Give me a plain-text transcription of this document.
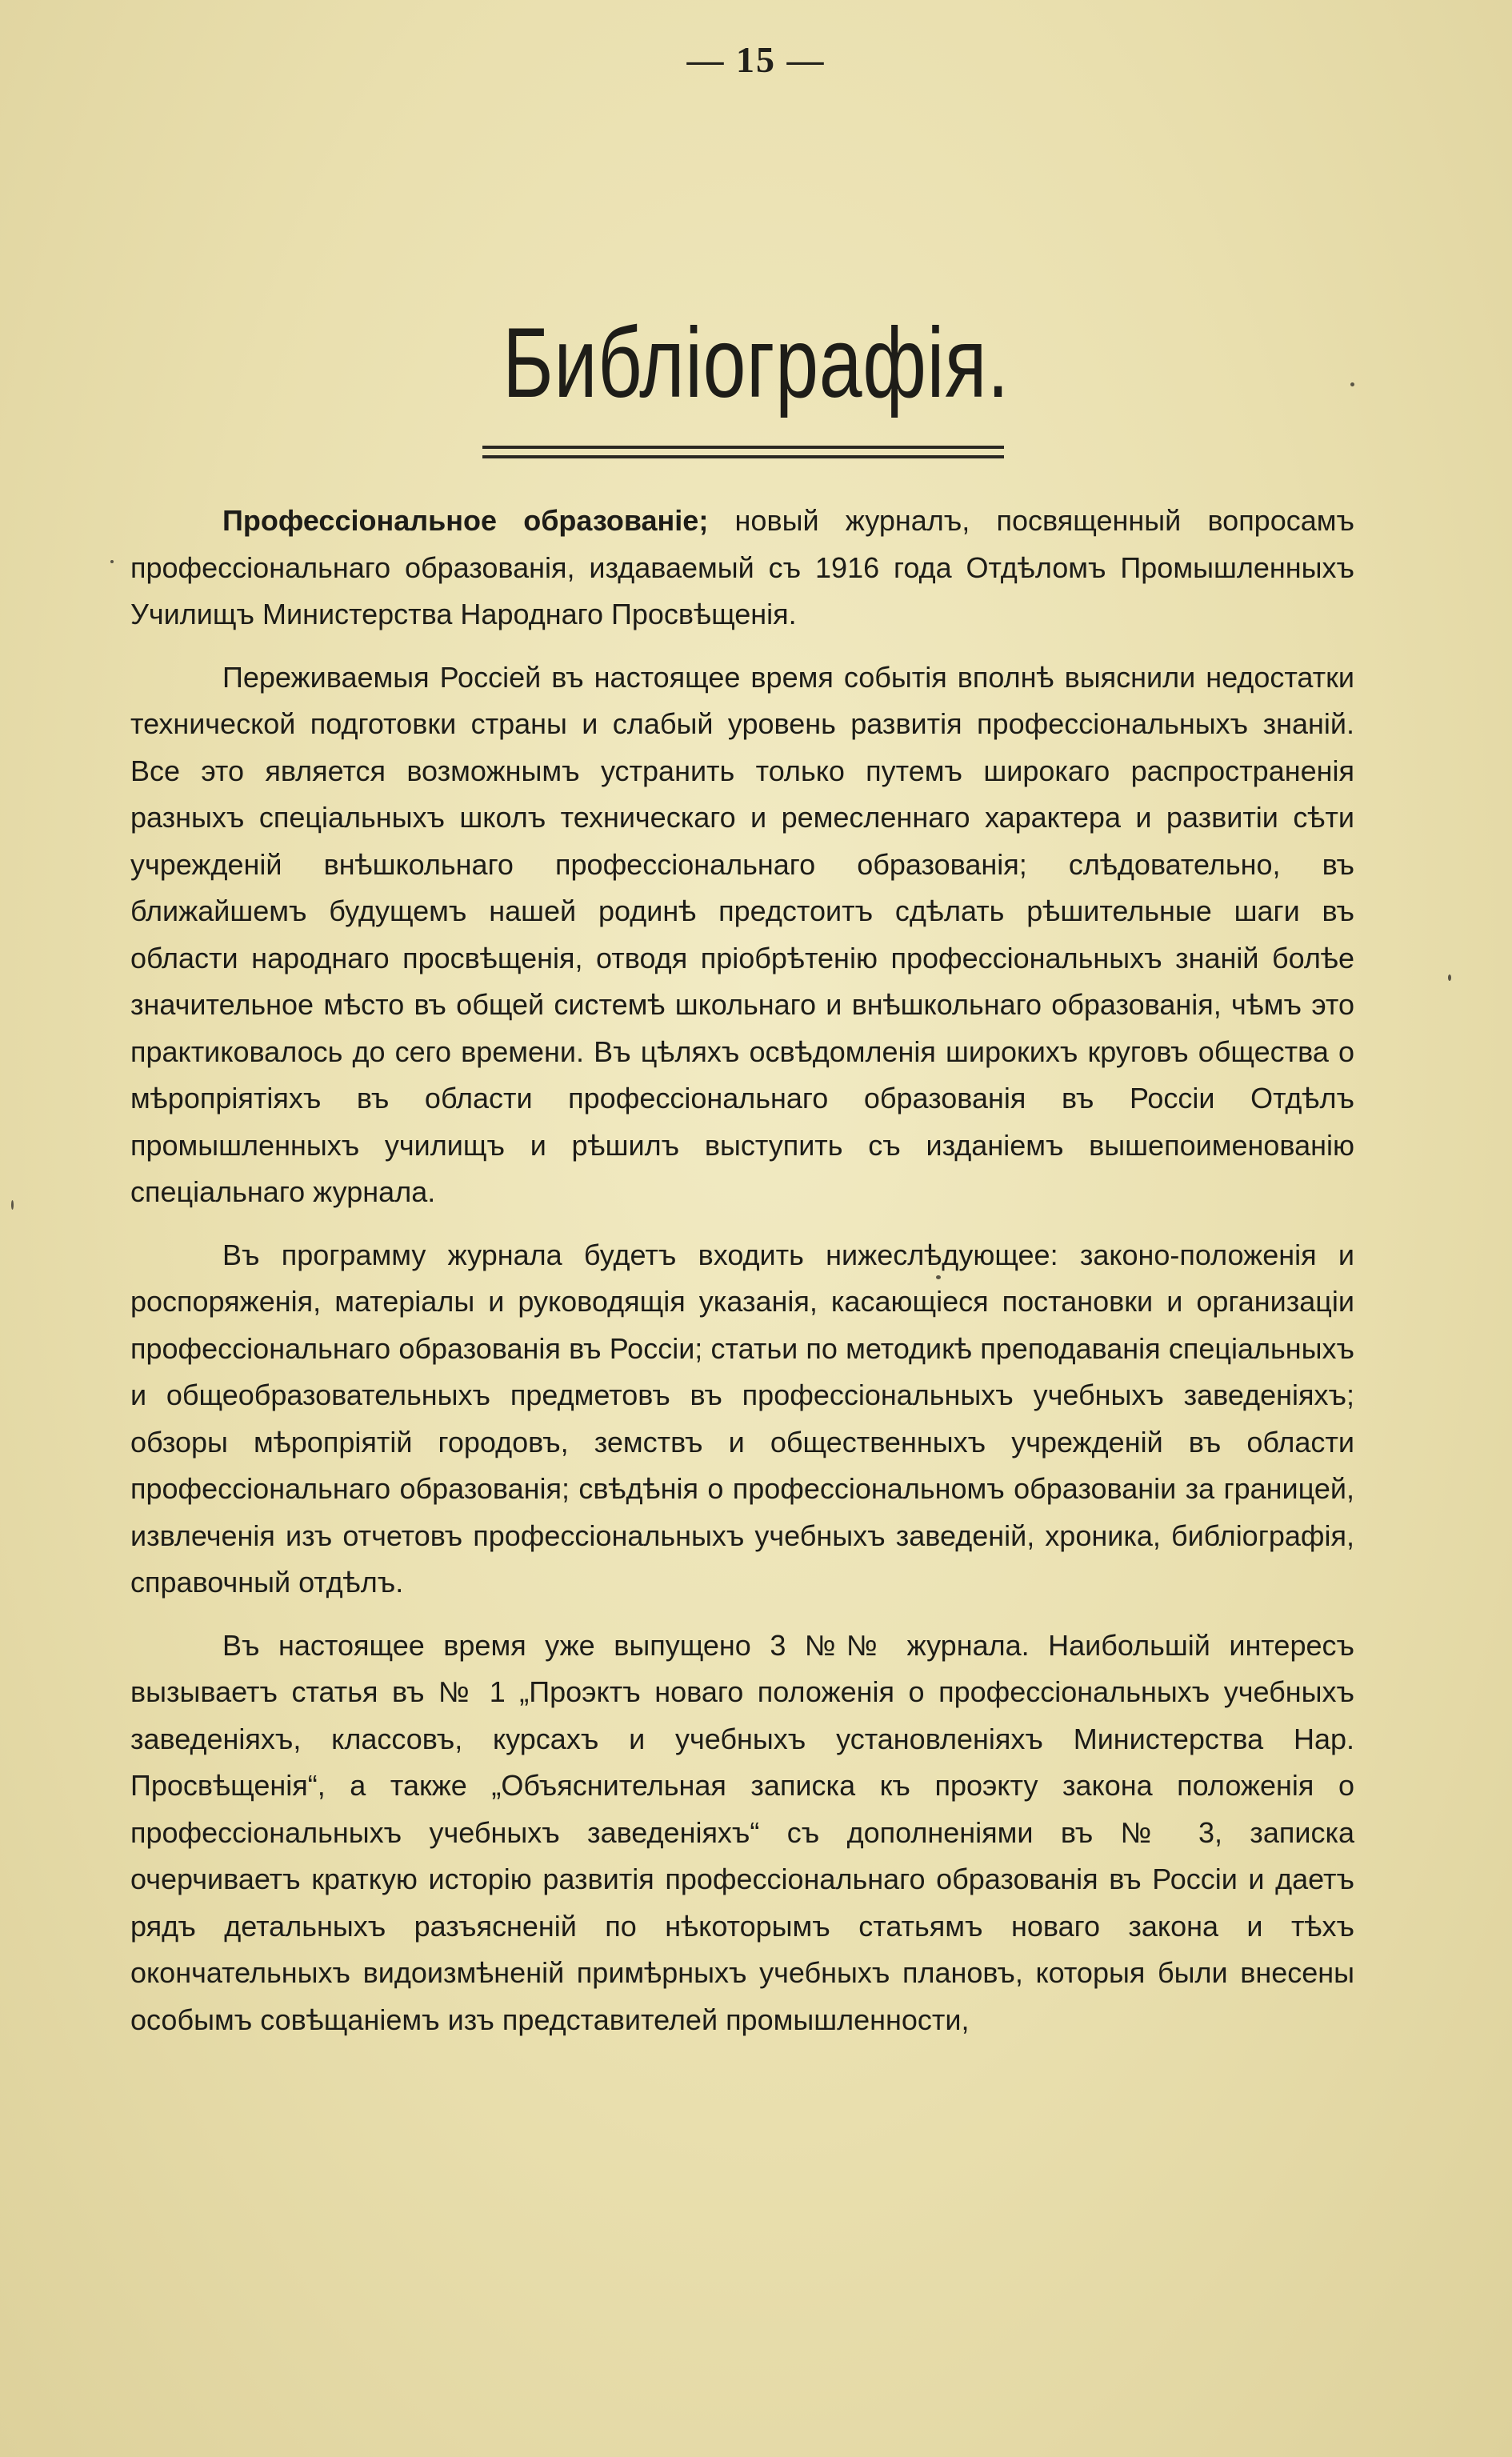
— 15 —
Библіографія.

Профессіональное образованіе; новый журналъ, посвященный вопросамъ профессіональнаго образованія, издаваемый съ 1916 года Отдѣломъ Промышленныхъ Училищъ Министерства Народнаго Просвѣщенія.

Переживаемыя Россіей въ настоящее время событія вполнѣ выяснили недостатки технической подготовки страны и слабый уровень развитія профессіональныхъ знаній. Все это является возможнымъ устранить только путемъ широкаго распространенія разныхъ спеціальныхъ школъ техническаго и ремесленнаго характера и развитіи сѣти учрежденій внѣшкольнаго профессіональнаго образованія; слѣдовательно, въ ближайшемъ будущемъ нашей родинѣ предстоитъ сдѣлать рѣшительные шаги въ области народнаго просвѣщенія, отводя пріобрѣтенію профессіональныхъ знаній болѣе значительное мѣсто въ общей системѣ школьнаго и внѣшкольнаго образованія, чѣмъ это практиковалось до сего времени. Въ цѣляхъ освѣдомленія широкихъ круговъ общества о мѣропріятіяхъ въ области профессіональнаго образованія въ Россіи Отдѣлъ промышленныхъ училищъ и рѣшилъ выступить съ изданіемъ вышепоименованію спеціальнаго журнала.

Въ программу журнала будетъ входить нижеслѣдующее: законо-положенія и роспоряженія, матеріалы и руководящія указанія, касающіеся постановки и организаціи профессіональнаго образованія въ Россіи; статьи по методикѣ преподаванія спеціальныхъ и общеобразовательныхъ предметовъ въ профессіональныхъ учебныхъ заведеніяхъ; обзоры мѣропріятій городовъ, земствъ и общественныхъ учрежденій въ области профессіональнаго образованія; свѣдѣнія о профессіональномъ образованіи за границей, извлеченія изъ отчетовъ профессіональныхъ учебныхъ заведеній, хроника, библіографія, справочный отдѣлъ.

Въ настоящее время уже выпущено 3 №№ журнала. Наибольшій интересъ вызываетъ статья въ № 1 „Проэктъ новаго положенія о профессіональныхъ учебныхъ заведеніяхъ, классовъ, курсахъ и учебныхъ установленіяхъ Министерства Нар. Просвѣщенія“, а также „Объяснительная записка къ проэкту закона положенія о профессіональныхъ учебныхъ заведеніяхъ“ съ дополненіями въ № 3, записка очерчиваетъ краткую исторію развитія профессіональнаго образованія въ Россіи и даетъ рядъ детальныхъ разъясненій по нѣкоторымъ статьямъ новаго закона и тѣхъ окончательныхъ видоизмѣненій примѣрныхъ учебныхъ плановъ, которыя были внесены особымъ совѣщаніемъ изъ представителей промышленности,
